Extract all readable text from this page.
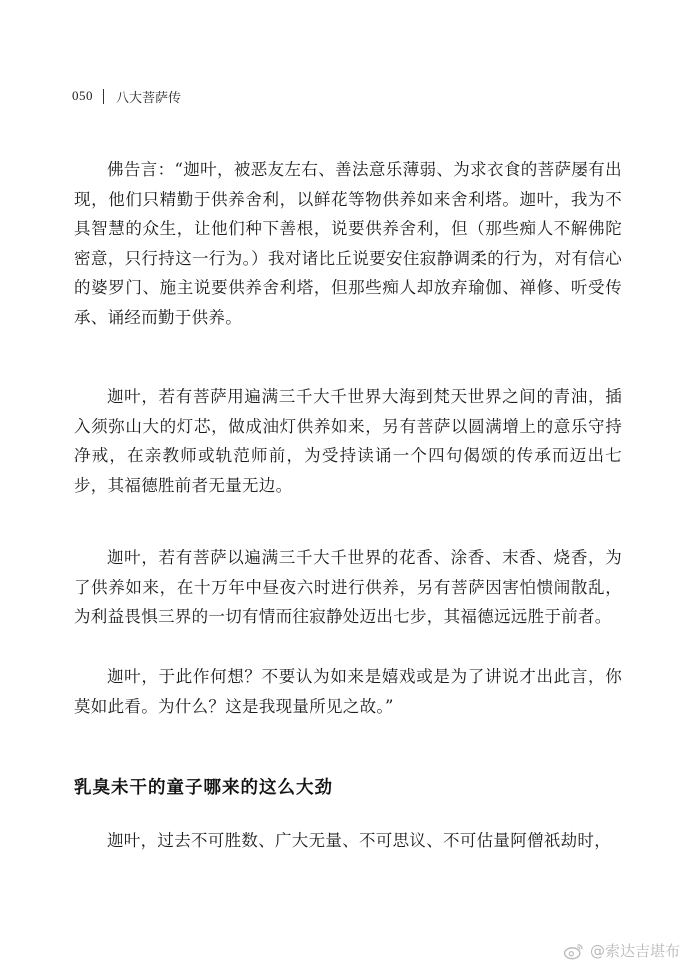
050 八大菩萨传

佛告言：“迦叶，被恶友左右、善法意乐薄弱、为求衣食的菩萨屡有出现，他们只精勤于供养舍利，以鲜花等物供养如来舍利塔。迦叶，我为不具智慧的众生，让他们种下善根，说要供养舍利，但（那些痴人不解佛陀密意，只行持这一行为。）我对诸比丘说要安住寂静调柔的行为，对有信心的婆罗门、施主说要供养舍利塔，但那些痴人却放弃瑜伽、禅修、听受传承、诵经而勤于供养。

迦叶，若有菩萨用遍满三千大千世界大海到梵天世界之间的青油，插入须弥山大的灯芯，做成油灯供养如来，另有菩萨以圆满增上的意乐守持净戒，在亲教师或轨范师前，为受持读诵一个四句偈颂的传承而迈出七步，其福德胜前者无量无边。

迦叶，若有菩萨以遍满三千大千世界的花香、涂香、末香、烧香，为了供养如来，在十万年中昼夜六时进行供养，另有菩萨因害怕愦闹散乱，为利益畏惧三界的一切有情而往寂静处迈出七步，其福德远远胜于前者。

迦叶，于此作何想？不要认为如来是嬉戏或是为了讲说才出此言，你莫如此看。为什么？这是我现量所见之故。”

乳臭未干的童子哪来的这么大劲

迦叶，过去不可胜数、广大无量、不可思议、不可估量阿僧祇劫时，

@索达吉堪布
